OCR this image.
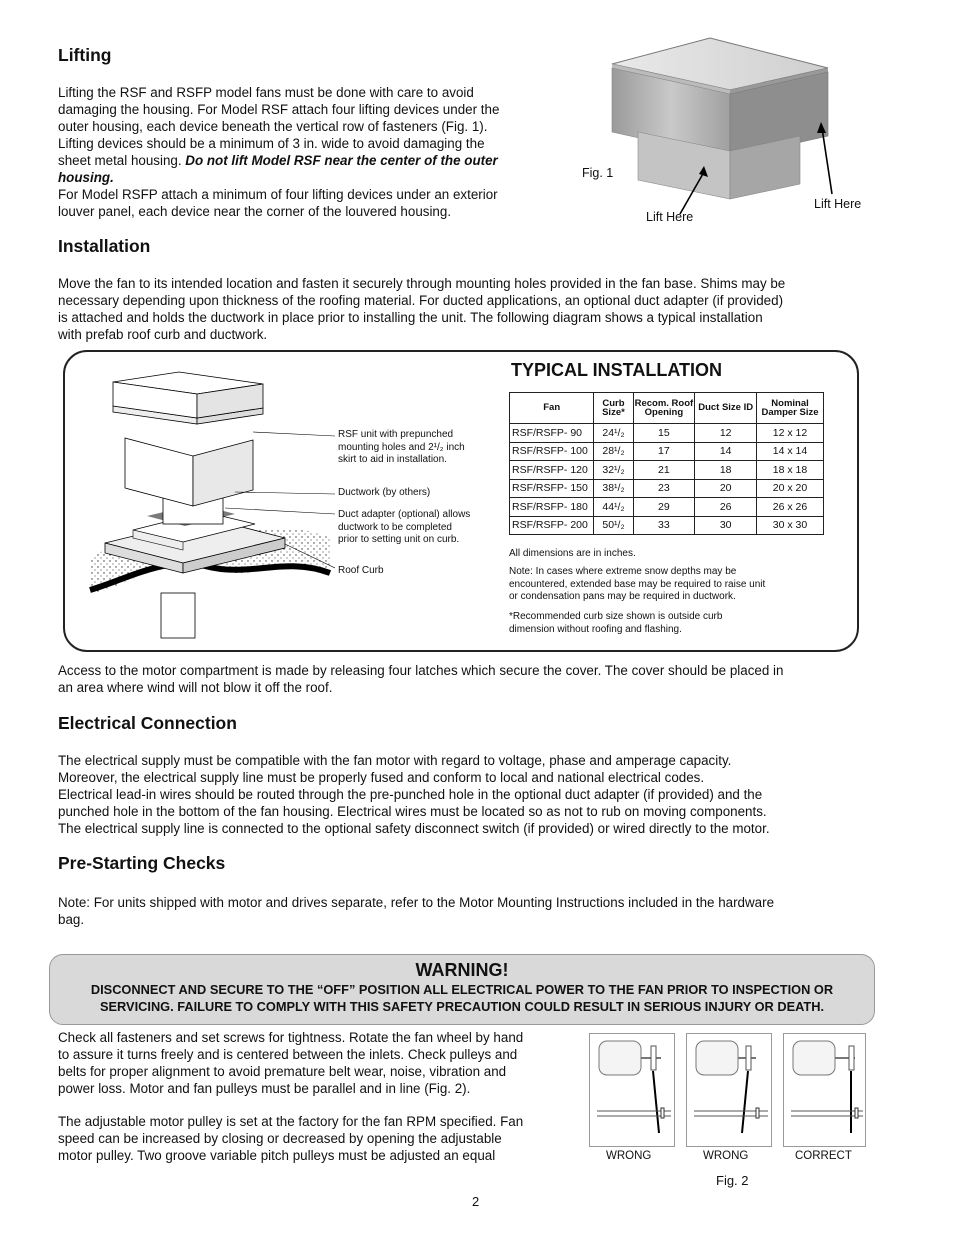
Lifting
Lifting the RSF and RSFP model fans must be done with care to avoid
damaging the housing. For Model RSF attach four lifting devices under the
outer housing, each device beneath the vertical row of fasteners (Fig. 1).
Lifting devices should be a minimum of 3 in. wide to avoid damaging the
sheet metal housing. Do not lift Model RSF near the center of the outer
housing.
For Model RSFP attach a minimum of four lifting devices under an exterior
louver panel, each device near the corner of the louvered housing.
Fig. 1
Lift Here
Lift Here
Installation
Move the fan to its intended location and fasten it securely through mounting holes provided in the fan base. Shims may be
necessary depending upon thickness of the roofing material. For ducted applications, an optional duct adapter (if provided)
is attached and holds the ductwork in place prior to installing the unit. The following diagram shows a typical installation
with prefab roof curb and ductwork.
RSF unit with prepunched
mounting holes and 2¹/₂ inch
skirt to aid in installation.
Ductwork (by others)
Duct adapter (optional) allows
ductwork to be completed
prior to setting unit on curb.
Roof Curb
TYPICAL INSTALLATION
Fan	Curb Size*	Recom. Roof Opening	Duct Size ID	Nominal Damper Size
RSF/RSFP- 90	24¹/₂	15	12	12 x 12
RSF/RSFP- 100	28¹/₂	17	14	14 x 14
RSF/RSFP- 120	32¹/₂	21	18	18 x 18
RSF/RSFP- 150	38¹/₂	23	20	20 x 20
RSF/RSFP- 180	44¹/₂	29	26	26 x 26
RSF/RSFP- 200	50¹/₂	33	30	30 x 30
All dimensions are in inches.
Note: In cases where extreme snow depths may be
encountered, extended base may be required to raise unit
or condensation pans may be required in ductwork.
*Recommended curb size shown is outside curb
dimension without roofing and flashing.
Access to the motor compartment is made by releasing four latches which secure the cover. The cover should be placed in
an area where wind will not blow it off the roof.
Electrical Connection
The electrical supply must be compatible with the fan motor with regard to voltage, phase and amperage capacity.
Moreover, the electrical supply line must be properly fused and conform to local and national electrical codes.
Electrical lead-in wires should be routed through the pre-punched hole in the optional duct adapter (if provided) and the
punched hole in the bottom of the fan housing. Electrical wires must be located so as not to rub on moving components.
The electrical supply line is connected to the optional safety disconnect switch (if provided) or wired directly to the motor.
Pre-Starting Checks
Note: For units shipped with motor and drives separate, refer to the Motor Mounting Instructions included in the hardware
bag.
WARNING!
DISCONNECT AND SECURE TO THE “OFF” POSITION ALL ELECTRICAL POWER TO THE FAN PRIOR TO INSPECTION OR
SERVICING. FAILURE TO COMPLY WITH THIS SAFETY PRECAUTION COULD RESULT IN SERIOUS INJURY OR DEATH.
Check all fasteners and set screws for tightness. Rotate the fan wheel by hand
to assure it turns freely and is centered between the inlets. Check pulleys and
belts for proper alignment to avoid premature belt wear, noise, vibration and
power loss. Motor and fan pulleys must be parallel and in line (Fig. 2).
The adjustable motor pulley is set at the factory for the fan RPM specified. Fan
speed can be increased by closing or decreased by opening the adjustable
motor pulley. Two groove variable pitch pulleys must be adjusted an equal	WRONG	WRONG	CORRECT
Fig. 2
2
